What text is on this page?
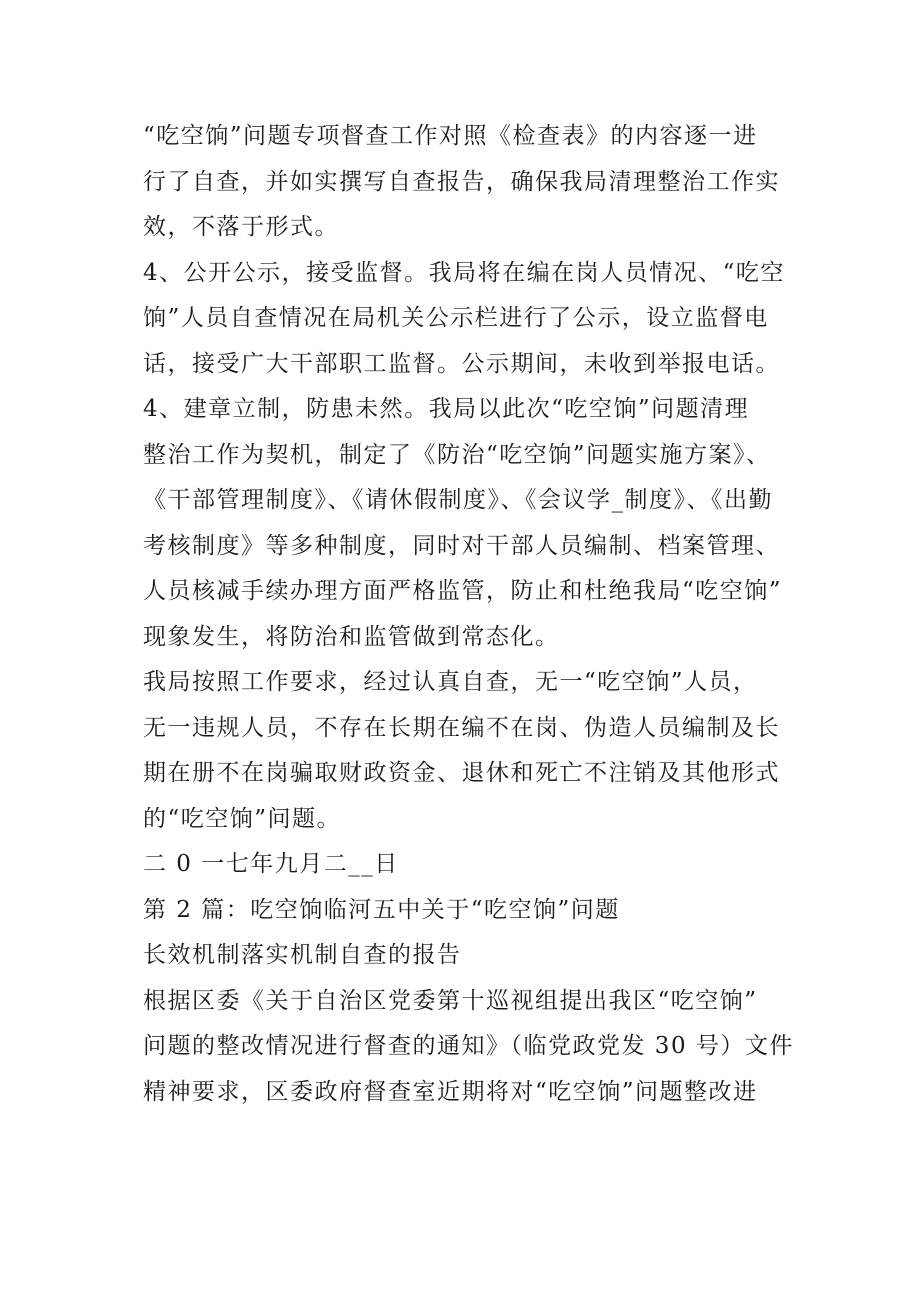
“吃空饷”问题专项督查工作对照《检查表》的内容逐一进
行了自查，并如实撰写自查报告，确保我局清理整治工作实
效，不落于形式。
4、公开公示，接受监督。我局将在编在岗人员情况、“吃空
饷”人员自查情况在局机关公示栏进行了公示，设立监督电
话，接受广大干部职工监督。公示期间，未收到举报电话。
4、建章立制，防患未然。我局以此次“吃空饷”问题清理
整治工作为契机，制定了《防治“吃空饷”问题实施方案》、
《干部管理制度》、《请休假制度》、《会议学_制度》、《出勤
考核制度》等多种制度，同时对干部人员编制、档案管理、
人员核减手续办理方面严格监管，防止和杜绝我局“吃空饷”
现象发生，将防治和监管做到常态化。
我局按照工作要求，经过认真自查，无一“吃空饷”人员，
无一违规人员，不存在长期在编不在岗、伪造人员编制及长
期在册不在岗骗取财政资金、退休和死亡不注销及其他形式
的“吃空饷”问题。
二 0 一七年九月二__日
第 2 篇：吃空饷临河五中关于“吃空饷”问题
长效机制落实机制自查的报告
根据区委《关于自治区党委第十巡视组提出我区“吃空饷”
问题的整改情况进行督查的通知》（临党政党发 30 号）文件
精神要求，区委政府督查室近期将对“吃空饷”问题整改进
